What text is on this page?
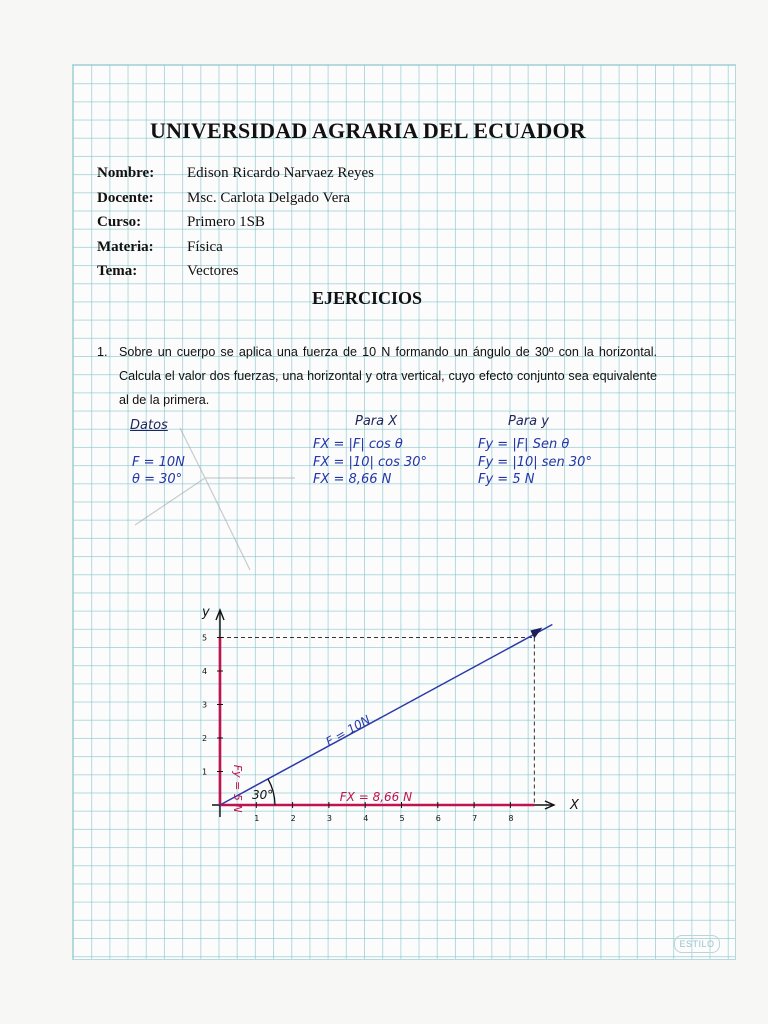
UNIVERSIDAD AGRARIA DEL ECUADOR
Nombre: Edison Ricardo Narvaez Reyes
Docente: Msc. Carlota Delgado Vera
Curso:	Primero 1SB
Materia: Física
Tema:	Vectores
EJERCICIOS
1. Sobre un cuerpo se aplica una fuerza de 10 N formando un ángulo de 30º con la horizontal. Calcula el valor dos fuerzas, una horizontal y otra vertical, cuyo efecto conjunto sea equivalente al de la primera.
Datos
F = 10N
θ = 30°
Para X
FX = |F| cos θ
FX = |10| cos 30°
FX = 8,66 N
Para y
Fy = |F| Sen θ
Fy = |10| sen 30°
Fy = 5 N
1	2	3	4	5	6	7	8
1
2
3
4
5
y
X
F = 10N
FX = 8,66 N
Fy = 5 N 30°
ESTILO
